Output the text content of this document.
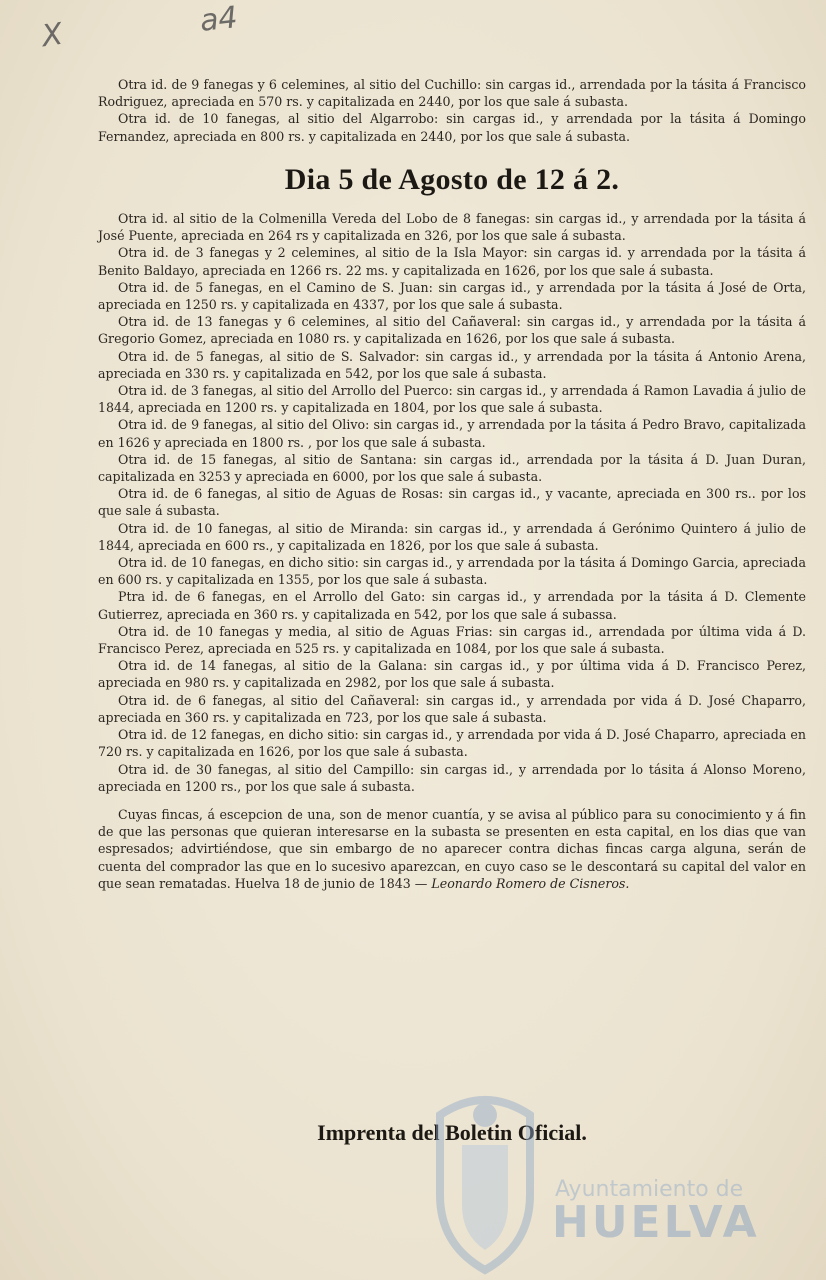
X	a4

Otra id. de 9 fanegas y 6 celemines, al sitio del Cuchillo: sin cargas id., arrendada por la tásita á Francisco Rodriguez, apreciada en 570 rs. y capitalizada en 2440, por los que sale á subasta.

Otra id. de 10 fanegas, al sitio del Algarrobo: sin cargas id., y arrendada por la tásita á Domingo Fernandez, apreciada en 800 rs. y capitalizada en 2440, por los que sale á subasta.

Dia 5 de Agosto de 12 á 2.

Otra id. al sitio de la Colmenilla Vereda del Lobo de 8 fanegas: sin cargas id., y arrendada por la tásita á José Puente, apreciada en 264 rs y capitalizada en 326, por los que sale á subasta.

Otra id. de 3 fanegas y 2 celemines, al sitio de la Isla Mayor: sin cargas id. y arrendada por la tásita á Benito Baldayo, apreciada en 1266 rs. 22 ms. y capitalizada en 1626, por los que sale á subasta.

Otra id. de 5 fanegas, en el Camino de S. Juan: sin cargas id., y arrendada por la tásita á José de Orta, apreciada en 1250 rs. y capitalizada en 4337, por los que sale á subasta.

Otra id. de 13 fanegas y 6 celemines, al sitio del Cañaveral: sin cargas id., y arrendada por la tásita á Gregorio Gomez, apreciada en 1080 rs. y capitalizada en 1626, por los que sale á subasta.

Otra id. de 5 fanegas, al sitio de S. Salvador: sin cargas id., y arrendada por la tásita á Antonio Arena, apreciada en 330 rs. y capitalizada en 542, por los que sale á subasta.

Otra id. de 3 fanegas, al sitio del Arrollo del Puerco: sin cargas id., y arrendada á Ramon Lavadia á julio de 1844, apreciada en 1200 rs. y capitalizada en 1804, por los que sale á subasta.

Otra id. de 9 fanegas, al sitio del Olivo: sin cargas id., y arrendada por la tásita á Pedro Bravo, capitalizada en 1626 y apreciada en 1800 rs. , por los que sale á subasta.

Otra id. de 15 fanegas, al sitio de Santana: sin cargas id., arrendada por la tásita á D. Juan Duran, capitalizada en 3253 y apreciada en 6000, por los que sale á subasta.

Otra id. de 6 fanegas, al sitio de Aguas de Rosas: sin cargas id., y vacante, apreciada en 300 rs.. por los que sale á subasta.

Otra id. de 10 fanegas, al sitio de Miranda: sin cargas id., y arrendada á Gerónimo Quintero á julio de 1844, apreciada en 600 rs., y capitalizada en 1826, por los que sale á subasta.

Otra id. de 10 fanegas, en dicho sitio: sin cargas id., y arrendada por la tásita á Domingo Garcia, apreciada en 600 rs. y capitalizada en 1355, por los que sale á subasta.

Ptra id. de 6 fanegas, en el Arrollo del Gato: sin cargas id., y arrendada por la tásita á D. Clemente Gutierrez, apreciada en 360 rs. y capitalizada en 542, por los que sale á subassa.

Otra id. de 10 fanegas y media, al sitio de Aguas Frias: sin cargas id., arrendada por última vida á D. Francisco Perez, apreciada en 525 rs. y capitalizada en 1084, por los que sale á subasta.

Otra id. de 14 fanegas, al sitio de la Galana: sin cargas id., y por última vida á D. Francisco Perez, apreciada en 980 rs. y capitalizada en 2982, por los que sale á subasta.

Otra id. de 6 fanegas, al sitio del Cañaveral: sin cargas id., y arrendada por vida á D. José Chaparro, apreciada en 360 rs. y capitalizada en 723, por los que sale á subasta.

Otra id. de 12 fanegas, en dicho sitio: sin cargas id., y arrendada por vida á D. José Chaparro, apreciada en 720 rs. y capitalizada en 1626, por los que sale á subasta.

Otra id. de 30 fanegas, al sitio del Campillo: sin cargas id., y arrendada por lo tásita á Alonso Moreno, apreciada en 1200 rs., por los que sale á subasta.

Cuyas fincas, á escepcion de una, son de menor cuantía, y se avisa al público para su conocimiento y á fin de que las personas que quieran interesarse en la subasta se presenten en esta capital, en los dias que van espresados; advirtiéndose, que sin embargo de no aparecer contra dichas fincas carga alguna, serán de cuenta del comprador las que en lo sucesivo aparezcan, en cuyo caso se le descontará su capital del valor en que sean rematadas. Huelva 18 de junio de 1843 — Leonardo Romero de Cisneros.

Imprenta del Boletin Oficial.
Ayuntamiento de
HUELVA
